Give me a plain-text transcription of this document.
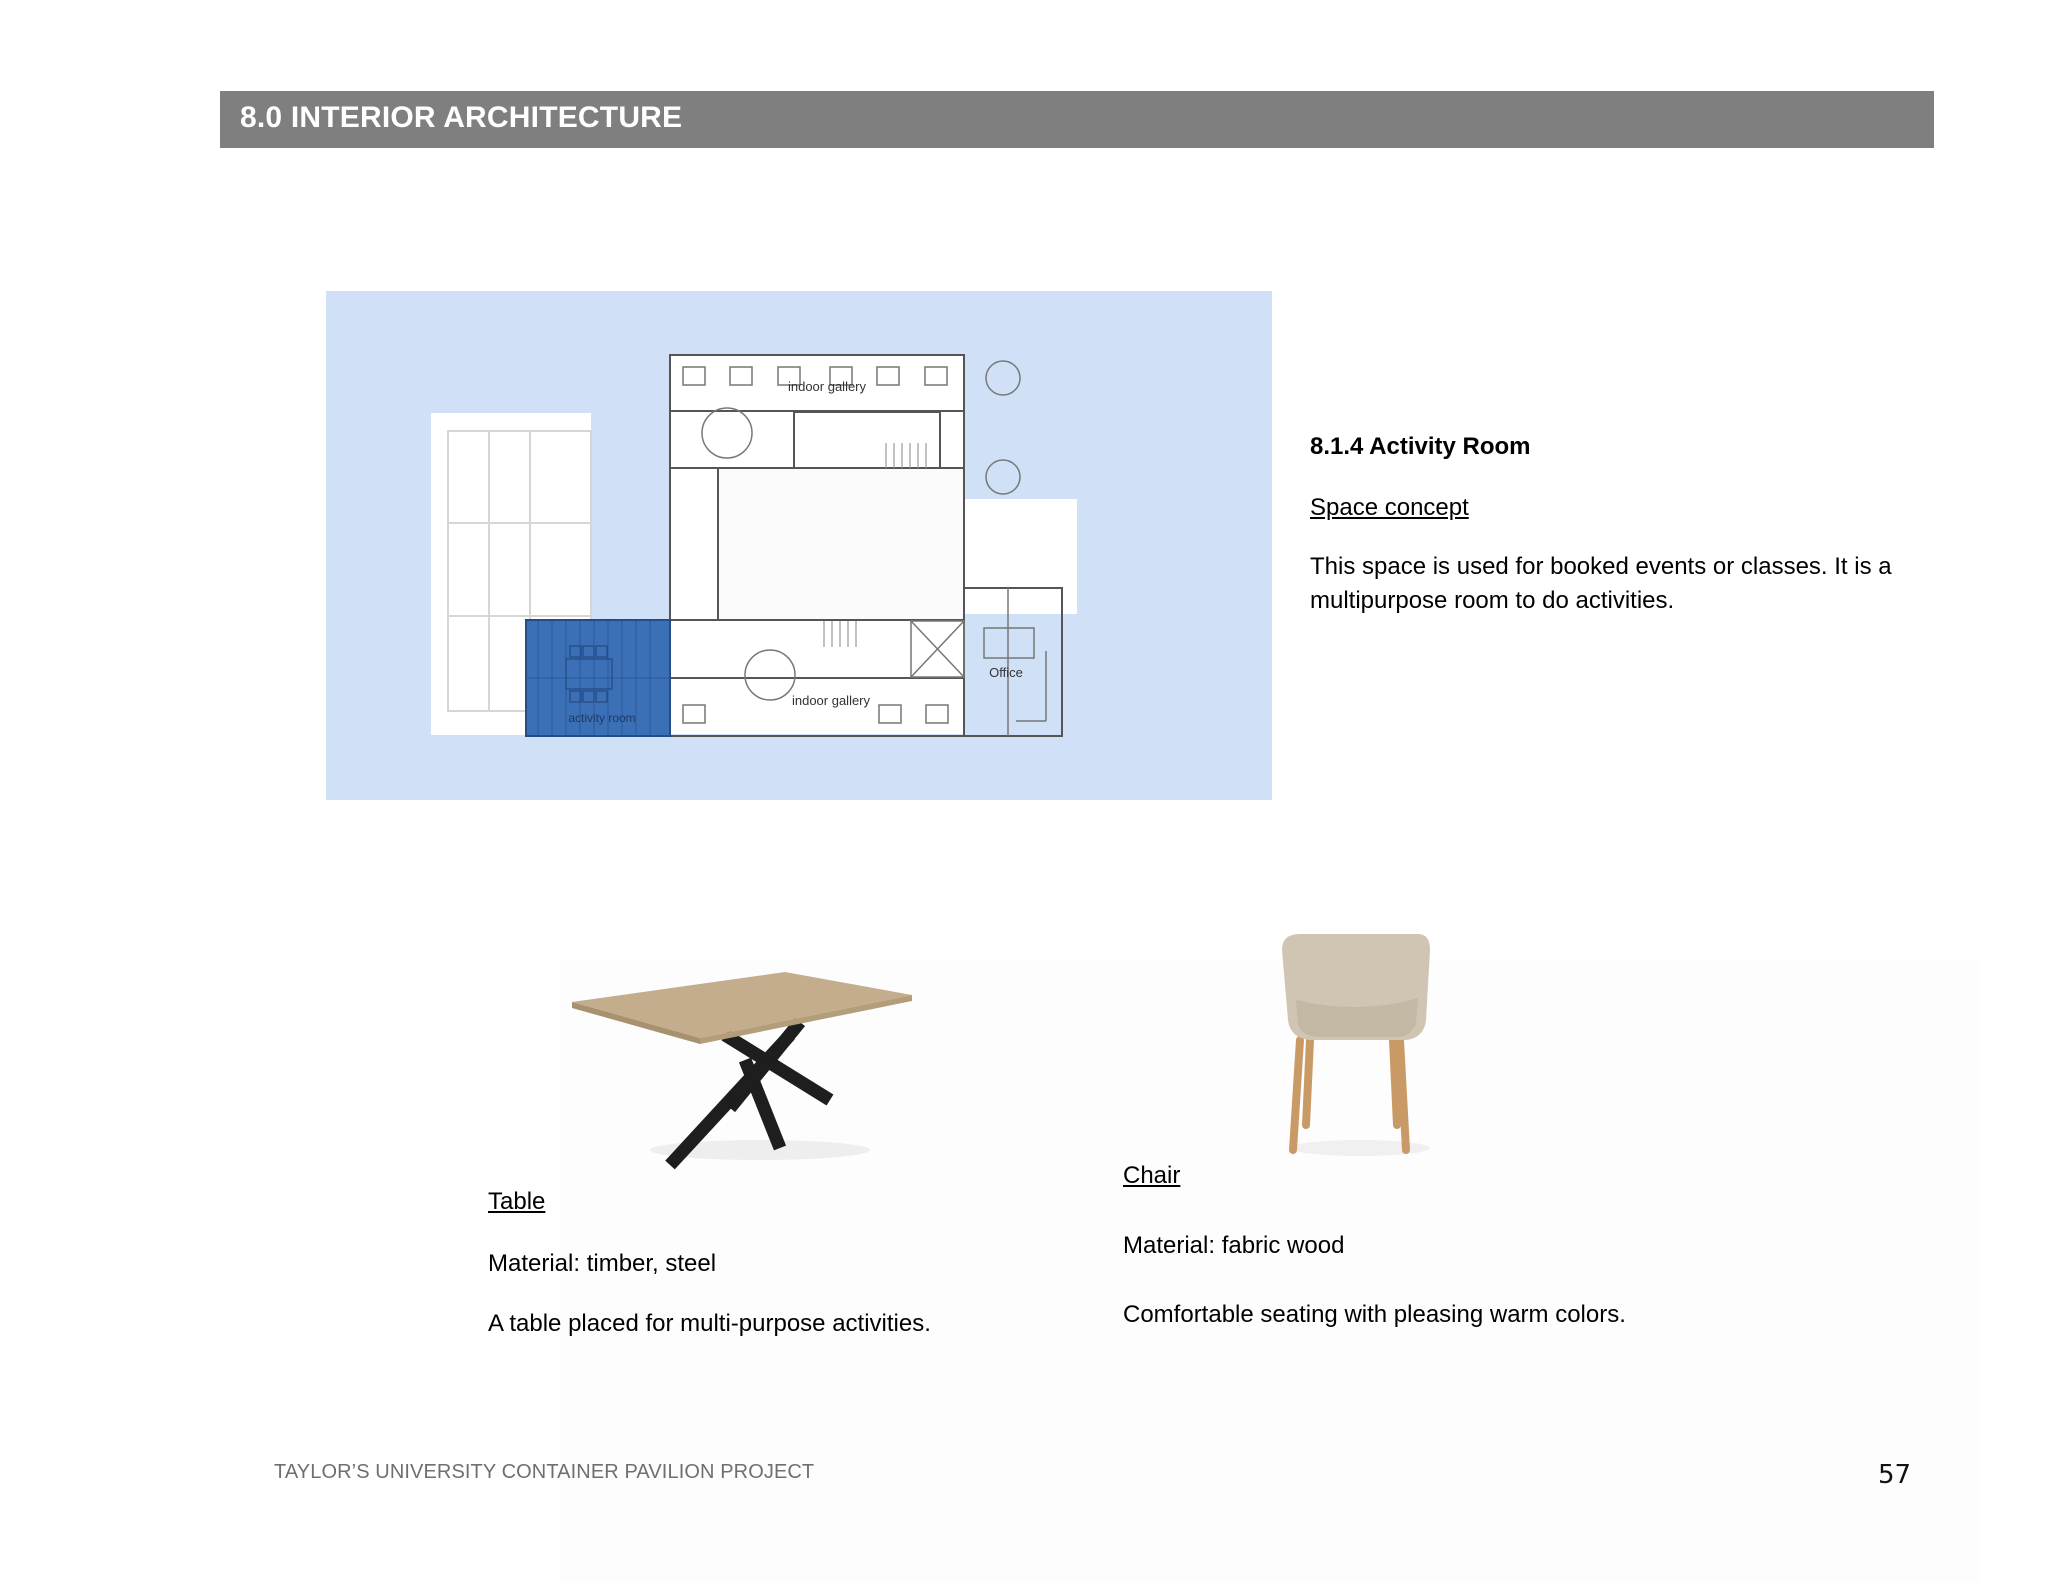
8.0 INTERIOR ARCHITECTURE
indoor gallery
indoor gallery
activity room
Office
8.1.4 Activity Room
Space concept
This space is used for booked events or classes. It is a multipurpose room to do activities.
Table
Material: timber, steel
A table placed for multi-purpose activities.
Chair
Material: fabric wood
Comfortable seating with pleasing warm colors.
TAYLOR’S UNIVERSITY CONTAINER PAVILION PROJECT	57
